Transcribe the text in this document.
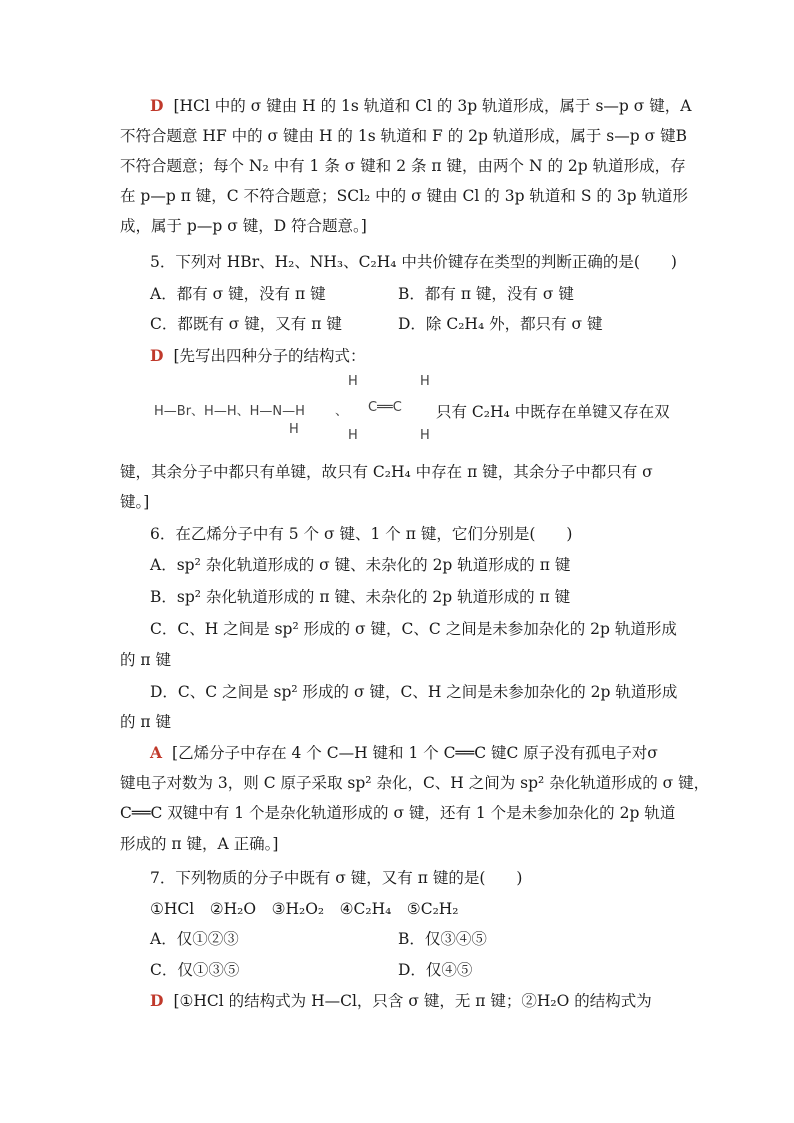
D [HCl 中的 σ 键由 H 的 1s 轨道和 Cl 的 3p 轨道形成，属于 s—p σ 键，A
不符合题意 HF 中的 σ 键由 H 的 1s 轨道和 F 的 2p 轨道形成，属于 s—p σ 键B
不符合题意；每个 N₂ 中有 1 条 σ 键和 2 条 π 键，由两个 N 的 2p 轨道形成，存
在 p—p π 键，C 不符合题意；SCl₂ 中的 σ 键由 Cl 的 3p 轨道和 S 的 3p 轨道形
成，属于 p—p σ 键，D 符合题意。]
5．下列对 HBr、H₂、NH₃、C₂H₄ 中共价键存在类型的判断正确的是(　　)
A．都有 σ 键，没有 π 键	B．都有 π 键，没有 σ 键
C．都既有 σ 键，又有 π 键	D．除 C₂H₄ 外，都只有 σ 键
D [先写出四种分子的结构式：
H—Br、H—H、H—N—H
H
、
H
H
C══C
H
H
只有 C₂H₄ 中既存在单键又存在双
键，其余分子中都只有单键，故只有 C₂H₄ 中存在 π 键，其余分子中都只有 σ
键。]
6．在乙烯分子中有 5 个 σ 键、1 个 π 键，它们分别是(　　)
A．sp² 杂化轨道形成的 σ 键、未杂化的 2p 轨道形成的 π 键
B．sp² 杂化轨道形成的 π 键、未杂化的 2p 轨道形成的 π 键
C．C、H 之间是 sp² 形成的 σ 键，C、C 之间是未参加杂化的 2p 轨道形成
的 π 键
D．C、C 之间是 sp² 形成的 σ 键，C、H 之间是未参加杂化的 2p 轨道形成
的 π 键
A [乙烯分子中存在 4 个 C—H 键和 1 个 C══C 键C 原子没有孤电子对σ
键电子对数为 3，则 C 原子采取 sp² 杂化，C、H 之间为 sp² 杂化轨道形成的 σ 键，
C══C 双键中有 1 个是杂化轨道形成的 σ 键，还有 1 个是未参加杂化的 2p 轨道
形成的 π 键，A 正确。]
7．下列物质的分子中既有 σ 键，又有 π 键的是(　　)
①HCl　②H₂O　③H₂O₂　④C₂H₄　⑤C₂H₂
A．仅①②③	B．仅③④⑤
C．仅①③⑤	D．仅④⑤
D [①HCl 的结构式为 H—Cl，只含 σ 键，无 π 键；②H₂O 的结构式为
